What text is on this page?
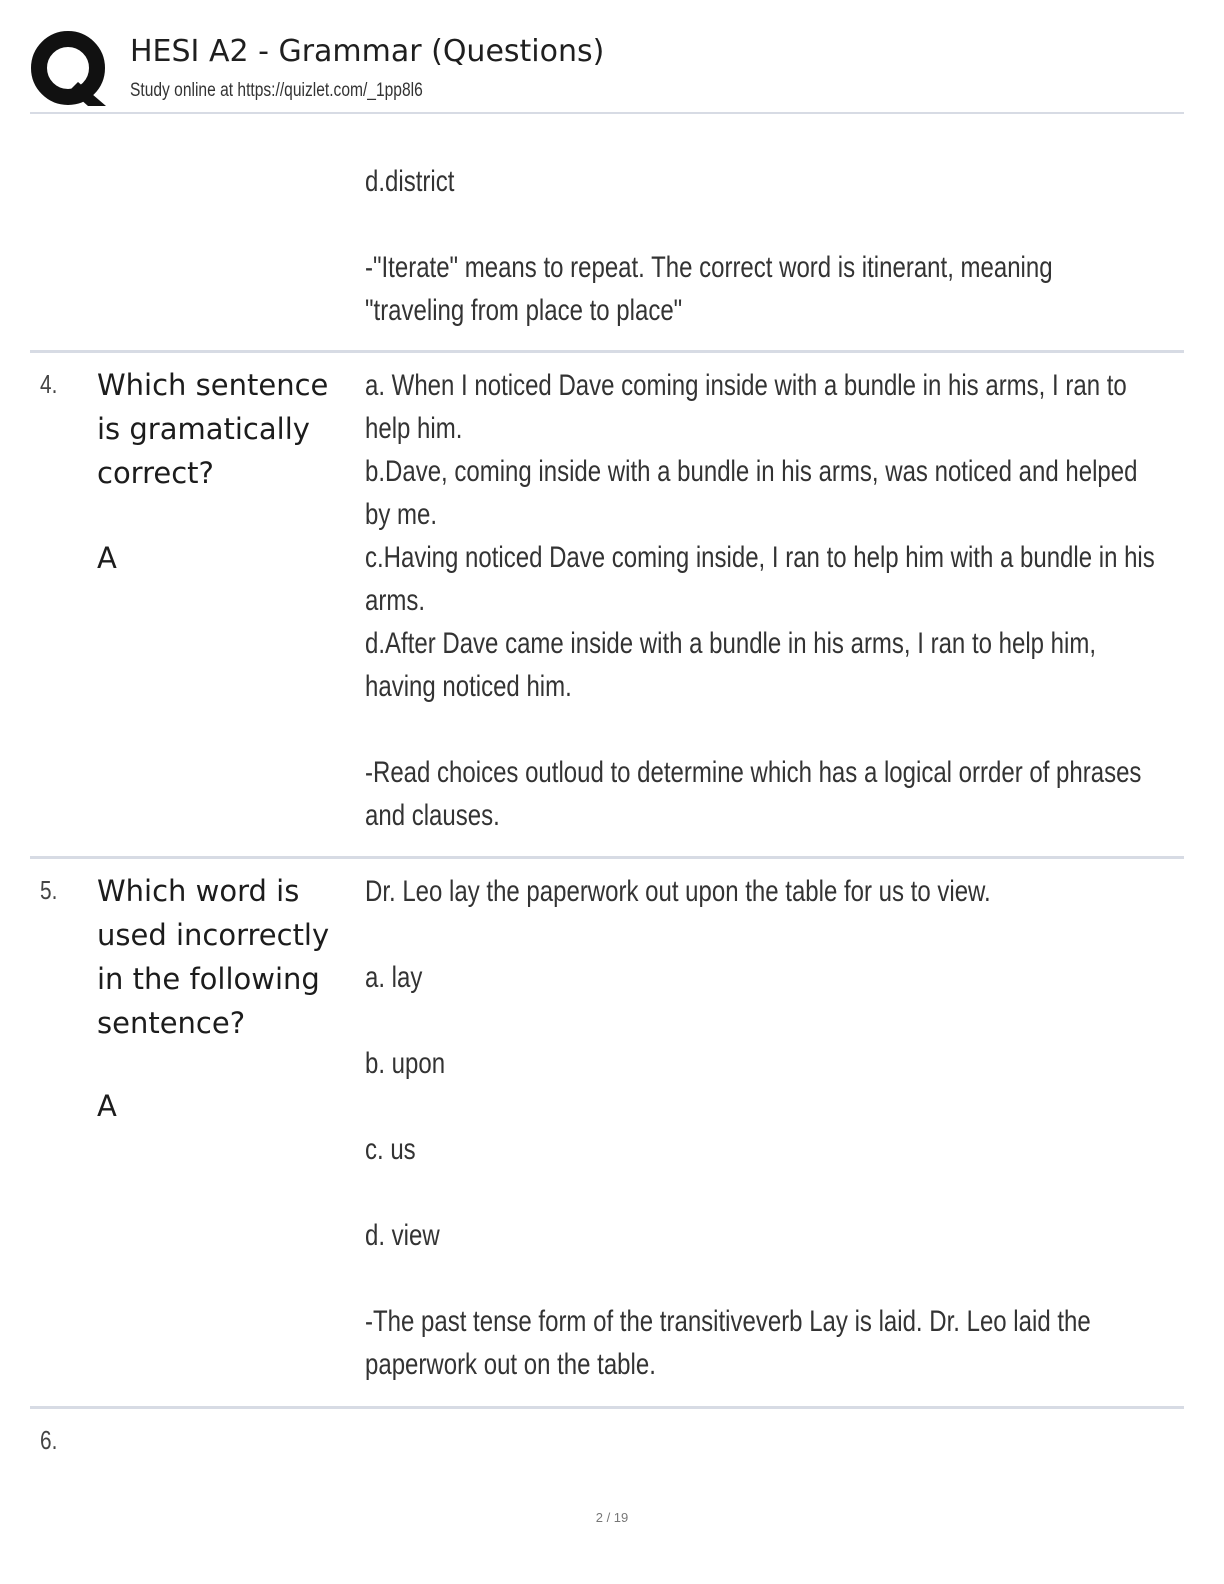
HESI A2 - Grammar (Questions)
Study online at https://quizlet.com/_1pp8l6
d.district
-"Iterate" means to repeat. The correct word is itinerant, meaning "traveling from place to place"
4. Which sentence is gramatically correct?
A
a. When I noticed Dave coming inside with a bundle in his arms, I ran to help him.
b.Dave, coming inside with a bundle in his arms, was noticed and helped by me.
c.Having noticed Dave coming inside, I ran to help him with a bundle in his arms.
d.After Dave came inside with a bundle in his arms, I ran to help him, having noticed him.
-Read choices outloud to determine which has a logical orrder of phrases and clauses.
5. Which word is used incorrectly in the following sentence?
A
Dr. Leo lay the paperwork out upon the table for us to view.
a. lay
b. upon
c. us
d. view
-The past tense form of the transitiveverb Lay is laid. Dr. Leo laid the paperwork out on the table.
6.
2 / 19
